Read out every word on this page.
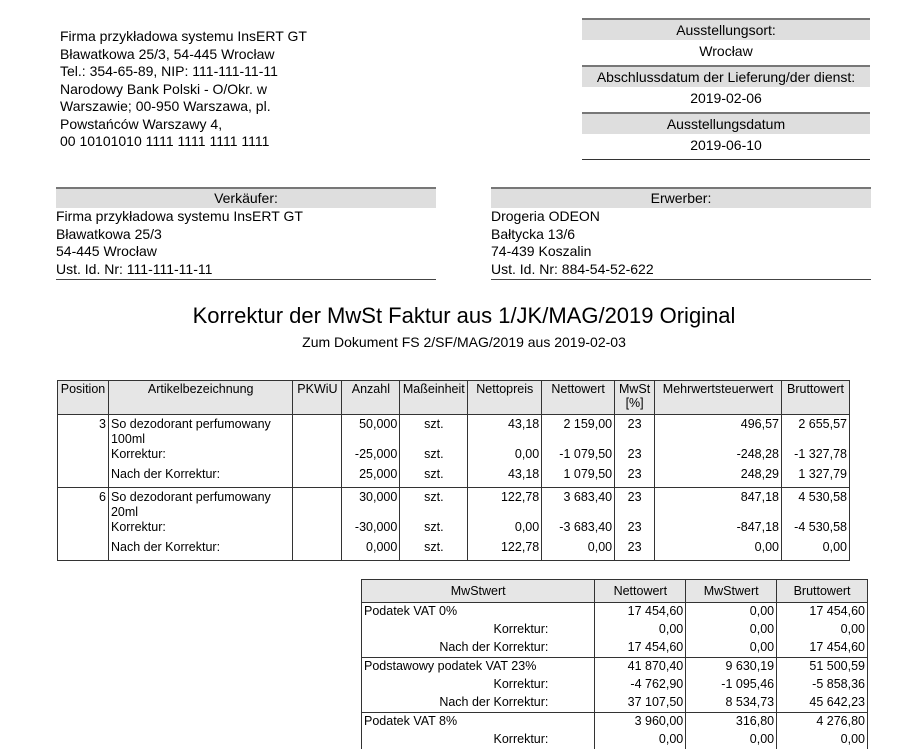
Firma przykładowa systemu InsERT GT
Bławatkowa 25/3, 54-445 Wrocław
Tel.: 354-65-89, NIP: 111-111-11-11
Narodowy Bank Polski - O/Okr. w
Warszawie; 00-950 Warszawa, pl.
Powstańców Warszawy 4,
00 10101010 1111 1111 1111 1111
Ausstellungsort:
Wrocław
Abschlussdatum der Lieferung/der dienst:
2019-02-06
Ausstellungsdatum
2019-06-10
Verkäufer:
Firma przykładowa systemu InsERT GT
Bławatkowa 25/3
54-445 Wrocław
Ust. Id. Nr: 111-111-11-11
Erwerber:
Drogeria ODEON
Bałtycka 13/6
74-439 Koszalin
Ust. Id. Nr: 884-54-52-622
Korrektur der MwSt Faktur aus 1/JK/MAG/2019 Original
Zum Dokument FS 2/SF/MAG/2019 aus 2019-02-03
Position	Artikelbezeichnung	PKWiU	Anzahl	Maßeinheit	Nettopreis	Nettowert	MwSt
[%]	Mehrwertsteuerwert	Bruttowert
3	So dezodorant perfumowany 100ml		50,000	szt.	43,18	2 159,00	23	496,57	2 655,57
	Korrektur:		-25,000	szt.	0,00	-1 079,50	23	-248,28	-1 327,78
	Nach der Korrektur:		25,000	szt.	43,18	1 079,50	23	248,29	1 327,79
6	So dezodorant perfumowany 20ml		30,000	szt.	122,78	3 683,40	23	847,18	4 530,58
	Korrektur:		-30,000	szt.	0,00	-3 683,40	23	-847,18	-4 530,58
	Nach der Korrektur:		0,000	szt.	122,78	0,00	23	0,00	0,00
MwStwert	Nettowert	MwStwert	Bruttowert
Podatek VAT 0%	17 454,60	0,00	17 454,60
Korrektur:	0,00	0,00	0,00
Nach der Korrektur:	17 454,60	0,00	17 454,60
Podstawowy podatek VAT 23%	41 870,40	9 630,19	51 500,59
Korrektur:	-4 762,90	-1 095,46	-5 858,36
Nach der Korrektur:	37 107,50	8 534,73	45 642,23
Podatek VAT 8%	3 960,00	316,80	4 276,80
Korrektur:	0,00	0,00	0,00
